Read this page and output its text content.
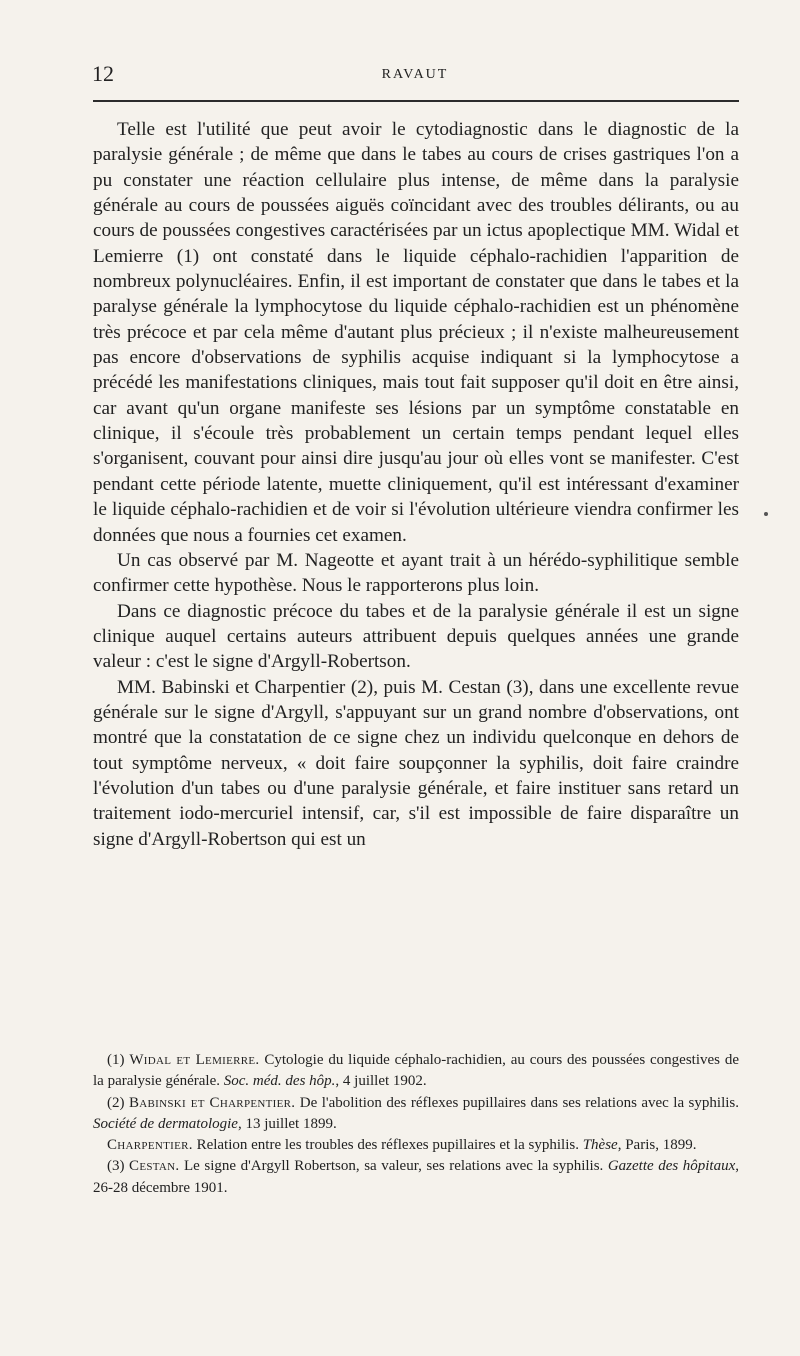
12	RAVAUT

Telle est l'utilité que peut avoir le cytodiagnostic dans le diagnostic de la paralysie générale ; de même que dans le tabes au cours de crises gastriques l'on a pu constater une réaction cellulaire plus intense, de même dans la paralysie générale au cours de poussées aiguës coïncidant avec des troubles délirants, ou au cours de poussées congestives caractérisées par un ictus apoplectique MM. Widal et Lemierre (1) ont constaté dans le liquide céphalo-rachidien l'apparition de nombreux polynucléaires. Enfin, il est important de constater que dans le tabes et la paralyse générale la lymphocytose du liquide céphalo-rachidien est un phénomène très précoce et par cela même d'autant plus précieux ; il n'existe malheureusement pas encore d'observations de syphilis acquise indiquant si la lymphocytose a précédé les manifestations cliniques, mais tout fait supposer qu'il doit en être ainsi, car avant qu'un organe manifeste ses lésions par un symptôme constatable en clinique, il s'écoule très probablement un certain temps pendant lequel elles s'organisent, couvant pour ainsi dire jusqu'au jour où elles vont se manifester. C'est pendant cette période latente, muette cliniquement, qu'il est intéressant d'examiner le liquide céphalo-rachidien et de voir si l'évolution ultérieure viendra confirmer les données que nous a fournies cet examen.

Un cas observé par M. Nageotte et ayant trait à un hérédo-syphilitique semble confirmer cette hypothèse. Nous le rapporterons plus loin.

Dans ce diagnostic précoce du tabes et de la paralysie générale il est un signe clinique auquel certains auteurs attribuent depuis quelques années une grande valeur : c'est le signe d'Argyll-Robertson.

MM. Babinski et Charpentier (2), puis M. Cestan (3), dans une excellente revue générale sur le signe d'Argyll, s'appuyant sur un grand nombre d'observations, ont montré que la constatation de ce signe chez un individu quelconque en dehors de tout symptôme nerveux, « doit faire soupçonner la syphilis, doit faire craindre l'évolution d'un tabes ou d'une paralysie générale, et faire instituer sans retard un traitement iodo-mercuriel intensif, car, s'il est impossible de faire disparaître un signe d'Argyll-Robertson qui est un

(1) Widal et Lemierre. Cytologie du liquide céphalo-rachidien, au cours des poussées congestives de la paralysie générale. Soc. méd. des hôp., 4 juillet 1902.

(2) Babinski et Charpentier. De l'abolition des réflexes pupillaires dans ses relations avec la syphilis. Société de dermatologie, 13 juillet 1899.

Charpentier. Relation entre les troubles des réflexes pupillaires et la syphilis. Thèse, Paris, 1899.

(3) Cestan. Le signe d'Argyll Robertson, sa valeur, ses relations avec la syphilis. Gazette des hôpitaux, 26-28 décembre 1901.
